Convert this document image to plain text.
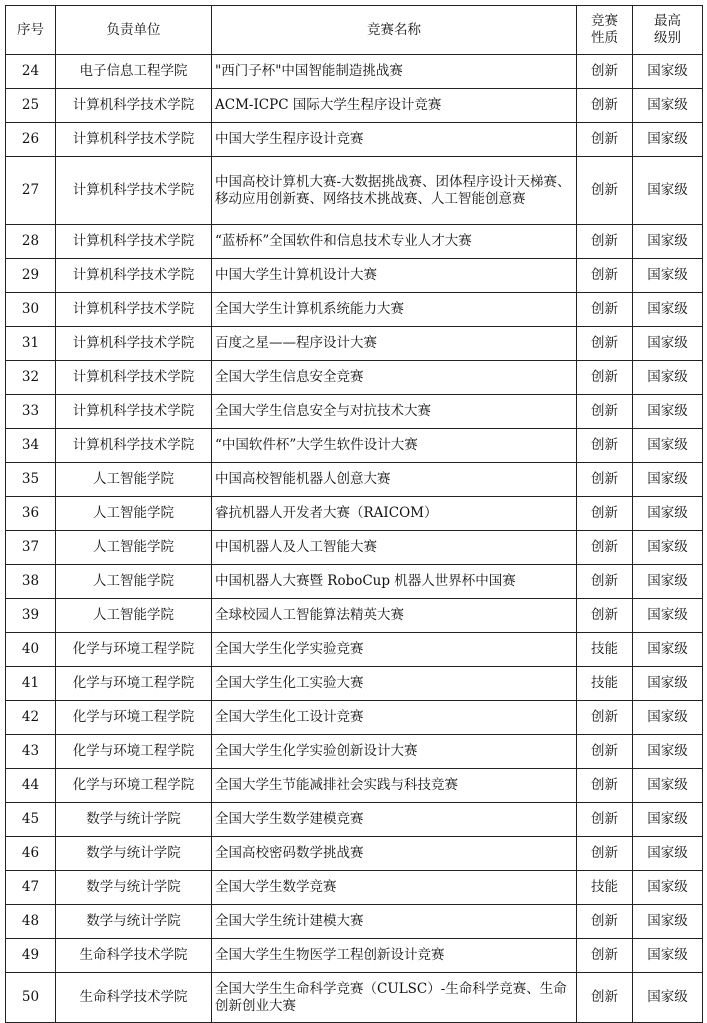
序号	负责单位	竞赛名称	竞赛性质	最高级别
24	电子信息工程学院	"西门子杯"中国智能制造挑战赛	创新	国家级
25	计算机科学技术学院	ACM-ICPC 国际大学生程序设计竞赛	创新	国家级
26	计算机科学技术学院	中国大学生程序设计竞赛	创新	国家级
27	计算机科学技术学院	中国高校计算机大赛-大数据挑战赛、团体程序设计天梯赛、移动应用创新赛、网络技术挑战赛、人工智能创意赛	创新	国家级
28	计算机科学技术学院	“蓝桥杯”全国软件和信息技术专业人才大赛	创新	国家级
29	计算机科学技术学院	中国大学生计算机设计大赛	创新	国家级
30	计算机科学技术学院	全国大学生计算机系统能力大赛	创新	国家级
31	计算机科学技术学院	百度之星——程序设计大赛	创新	国家级
32	计算机科学技术学院	全国大学生信息安全竞赛	创新	国家级
33	计算机科学技术学院	全国大学生信息安全与对抗技术大赛	创新	国家级
34	计算机科学技术学院	“中国软件杯”大学生软件设计大赛	创新	国家级
35	人工智能学院	中国高校智能机器人创意大赛	创新	国家级
36	人工智能学院	睿抗机器人开发者大赛（RAICOM）	创新	国家级
37	人工智能学院	中国机器人及人工智能大赛	创新	国家级
38	人工智能学院	中国机器人大赛暨 RoboCup 机器人世界杯中国赛	创新	国家级
39	人工智能学院	全球校园人工智能算法精英大赛	创新	国家级
40	化学与环境工程学院	全国大学生化学实验竞赛	技能	国家级
41	化学与环境工程学院	全国大学生化工实验大赛	技能	国家级
42	化学与环境工程学院	全国大学生化工设计竞赛	创新	国家级
43	化学与环境工程学院	全国大学生化学实验创新设计大赛	创新	国家级
44	化学与环境工程学院	全国大学生节能减排社会实践与科技竞赛	创新	国家级
45	数学与统计学院	全国大学生数学建模竞赛	创新	国家级
46	数学与统计学院	全国高校密码数学挑战赛	创新	国家级
47	数学与统计学院	全国大学生数学竞赛	技能	国家级
48	数学与统计学院	全国大学生统计建模大赛	创新	国家级
49	生命科学技术学院	全国大学生生物医学工程创新设计竞赛	创新	国家级
50	生命科学技术学院	全国大学生生命科学竞赛（CULSC）-生命科学竞赛、生命创新创业大赛	创新	国家级
